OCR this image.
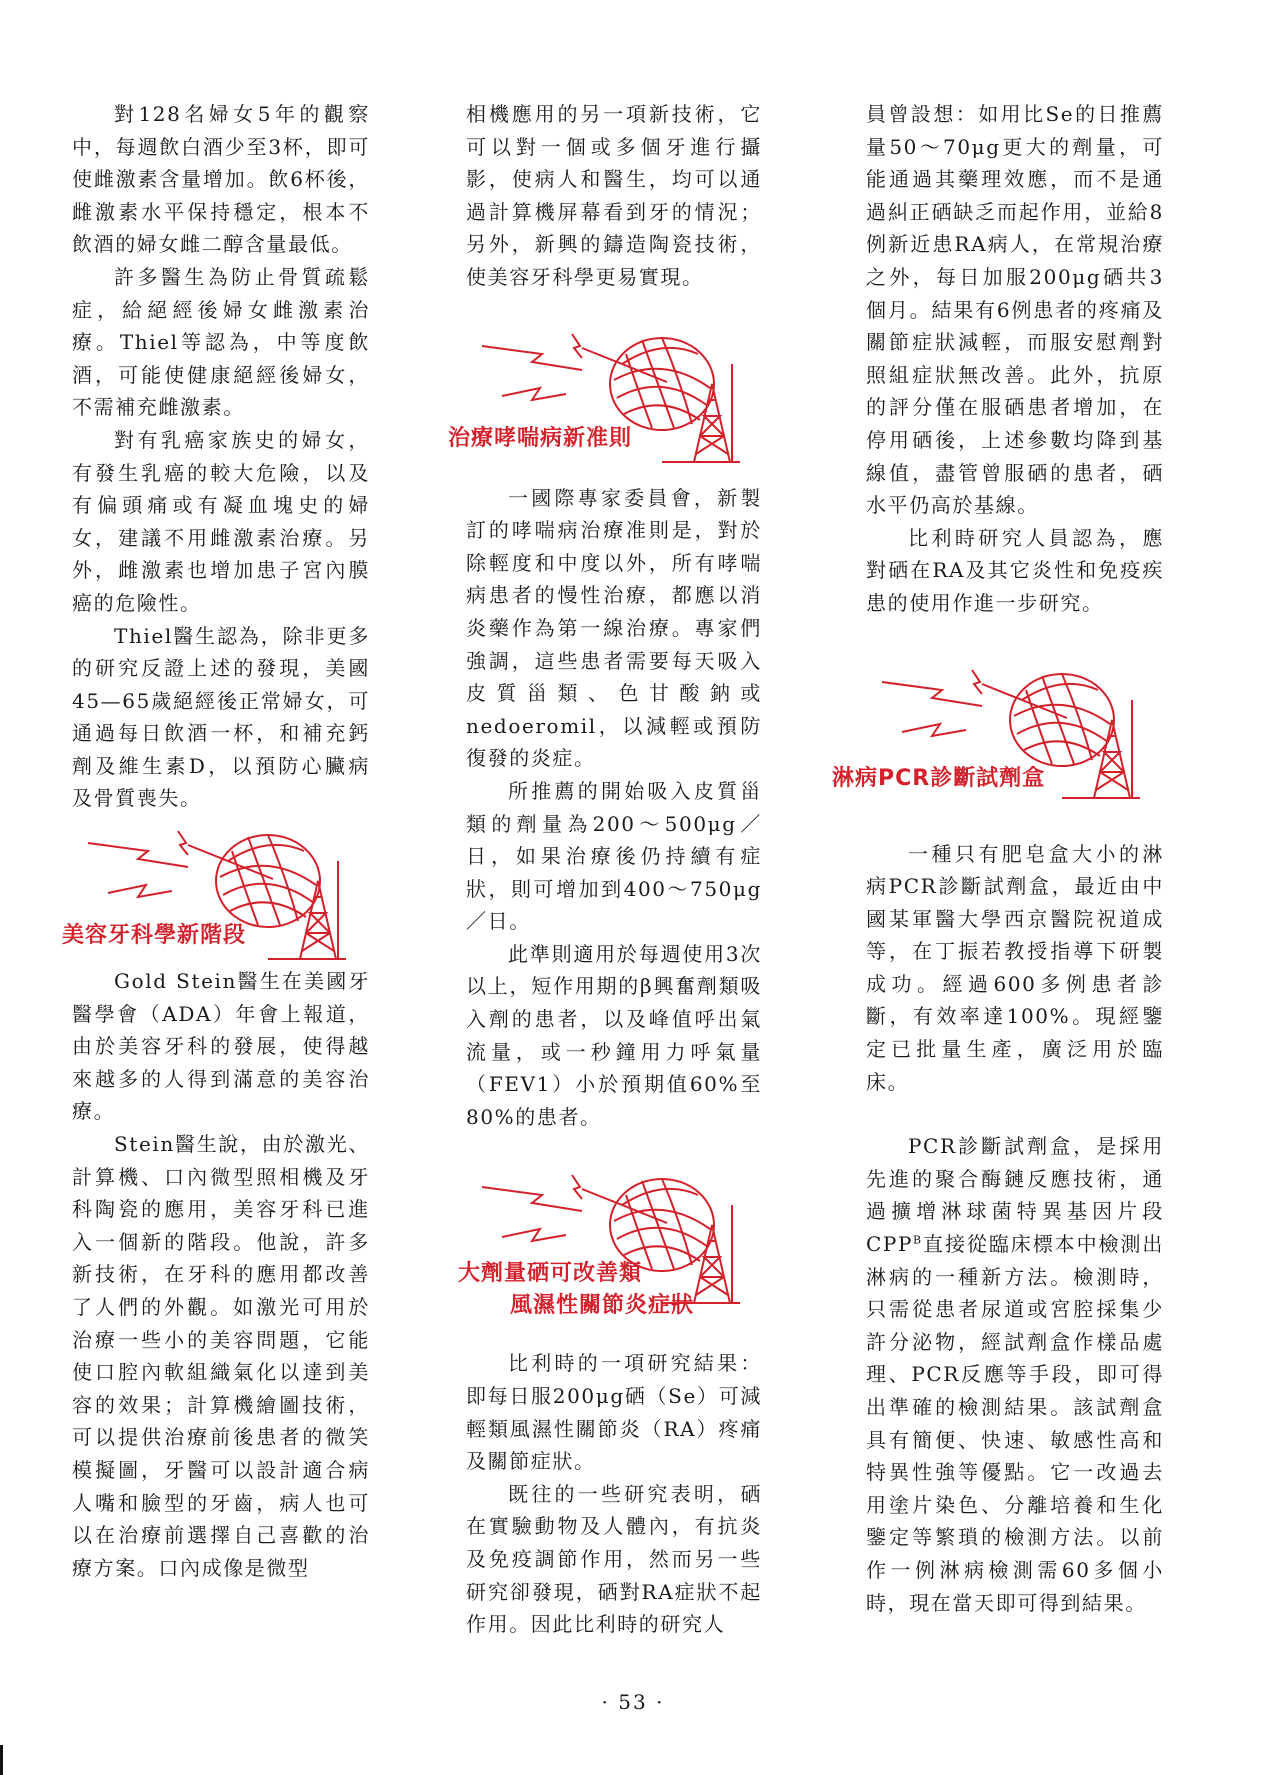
對128名婦女5年的觀察中，每週飲白酒少至3杯，即可使雌激素含量增加。飲6杯後，雌激素水平保持穩定，根本不飲酒的婦女雌二醇含量最低。

許多醫生為防止骨質疏鬆症，給絕經後婦女雌激素治療。Thiel等認為，中等度飲酒，可能使健康絕經後婦女，不需補充雌激素。

對有乳癌家族史的婦女，有發生乳癌的較大危險，以及有偏頭痛或有凝血塊史的婦女，建議不用雌激素治療。另外，雌激素也增加患子宮內膜癌的危險性。

Thiel醫生認為，除非更多的研究反證上述的發現，美國45—65歲絕經後正常婦女，可通過每日飲酒一杯，和補充鈣劑及維生素D，以預防心臟病及骨質喪失。

美容牙科學新階段

Gold Stein醫生在美國牙醫學會（ADA）年會上報道，由於美容牙科的發展，使得越來越多的人得到滿意的美容治療。

Stein醫生說，由於激光、計算機、口內微型照相機及牙科陶瓷的應用，美容牙科已進入一個新的階段。他說，許多新技術，在牙科的應用都改善了人們的外觀。如激光可用於治療一些小的美容問題，它能使口腔內軟組織氣化以達到美容的效果；計算機繪圖技術，可以提供治療前後患者的微笑模擬圖，牙醫可以設計適合病人嘴和臉型的牙齒，病人也可以在治療前選擇自己喜歡的治療方案。口內成像是微型

相機應用的另一項新技術，它可以對一個或多個牙進行攝影，使病人和醫生，均可以通過計算機屏幕看到牙的情況；另外，新興的鑄造陶瓷技術，使美容牙科學更易實現。

治療哮喘病新准則

一國際專家委員會，新製訂的哮喘病治療准則是，對於除輕度和中度以外，所有哮喘病患者的慢性治療，都應以消炎藥作為第一線治療。專家們強調，這些患者需要每天吸入皮質甾類、色甘酸鈉或nedoeromil，以減輕或預防復發的炎症。

所推薦的開始吸入皮質甾類的劑量為200～500μg／日，如果治療後仍持續有症狀，則可增加到400～750μg／日。

此準則適用於每週使用3次以上，短作用期的β興奮劑類吸入劑的患者，以及峰值呼出氣流量，或一秒鐘用力呼氣量（FEV1）小於預期值60%至80%的患者。

大劑量硒可改善類
風濕性關節炎症狀

比利時的一項研究結果：即每日服200μg硒（Se）可減輕類風濕性關節炎（RA）疼痛及關節症狀。

既往的一些研究表明，硒在實驗動物及人體內，有抗炎及免疫調節作用，然而另一些研究卻發現，硒對RA症狀不起作用。因此比利時的研究人

員曾設想：如用比Se的日推薦量50～70μg更大的劑量，可能通過其藥理效應，而不是通過糾正硒缺乏而起作用，並給8例新近患RA病人，在常規治療之外，每日加服200μg硒共3個月。結果有6例患者的疼痛及關節症狀減輕，而服安慰劑對照組症狀無改善。此外，抗原的評分僅在服硒患者增加，在停用硒後，上述參數均降到基線值，盡管曾服硒的患者，硒水平仍高於基線。

比利時研究人員認為，應對硒在RA及其它炎性和免疫疾患的使用作進一步研究。

淋病PCR診斷試劑盒

一種只有肥皂盒大小的淋病PCR診斷試劑盒，最近由中國某軍醫大學西京醫院祝道成等，在丁振若教授指導下研製成功。經過600多例患者診斷，有效率達100%。現經鑒定已批量生產，廣泛用於臨床。

PCR診斷試劑盒，是採用先進的聚合酶鏈反應技術，通過擴增淋球菌特異基因片段$CPP^B$直接從臨床標本中檢測出淋病的一種新方法。檢測時，只需從患者尿道或宮腔採集少許分泌物，經試劑盒作樣品處理、PCR反應等手段，即可得出準確的檢測結果。該試劑盒具有簡便、快速、敏感性高和特異性強等優點。它一改過去用塗片染色、分離培養和生化鑒定等繁瑣的檢測方法。以前作一例淋病檢測需60多個小時，現在當天即可得到結果。

· 53 ·
